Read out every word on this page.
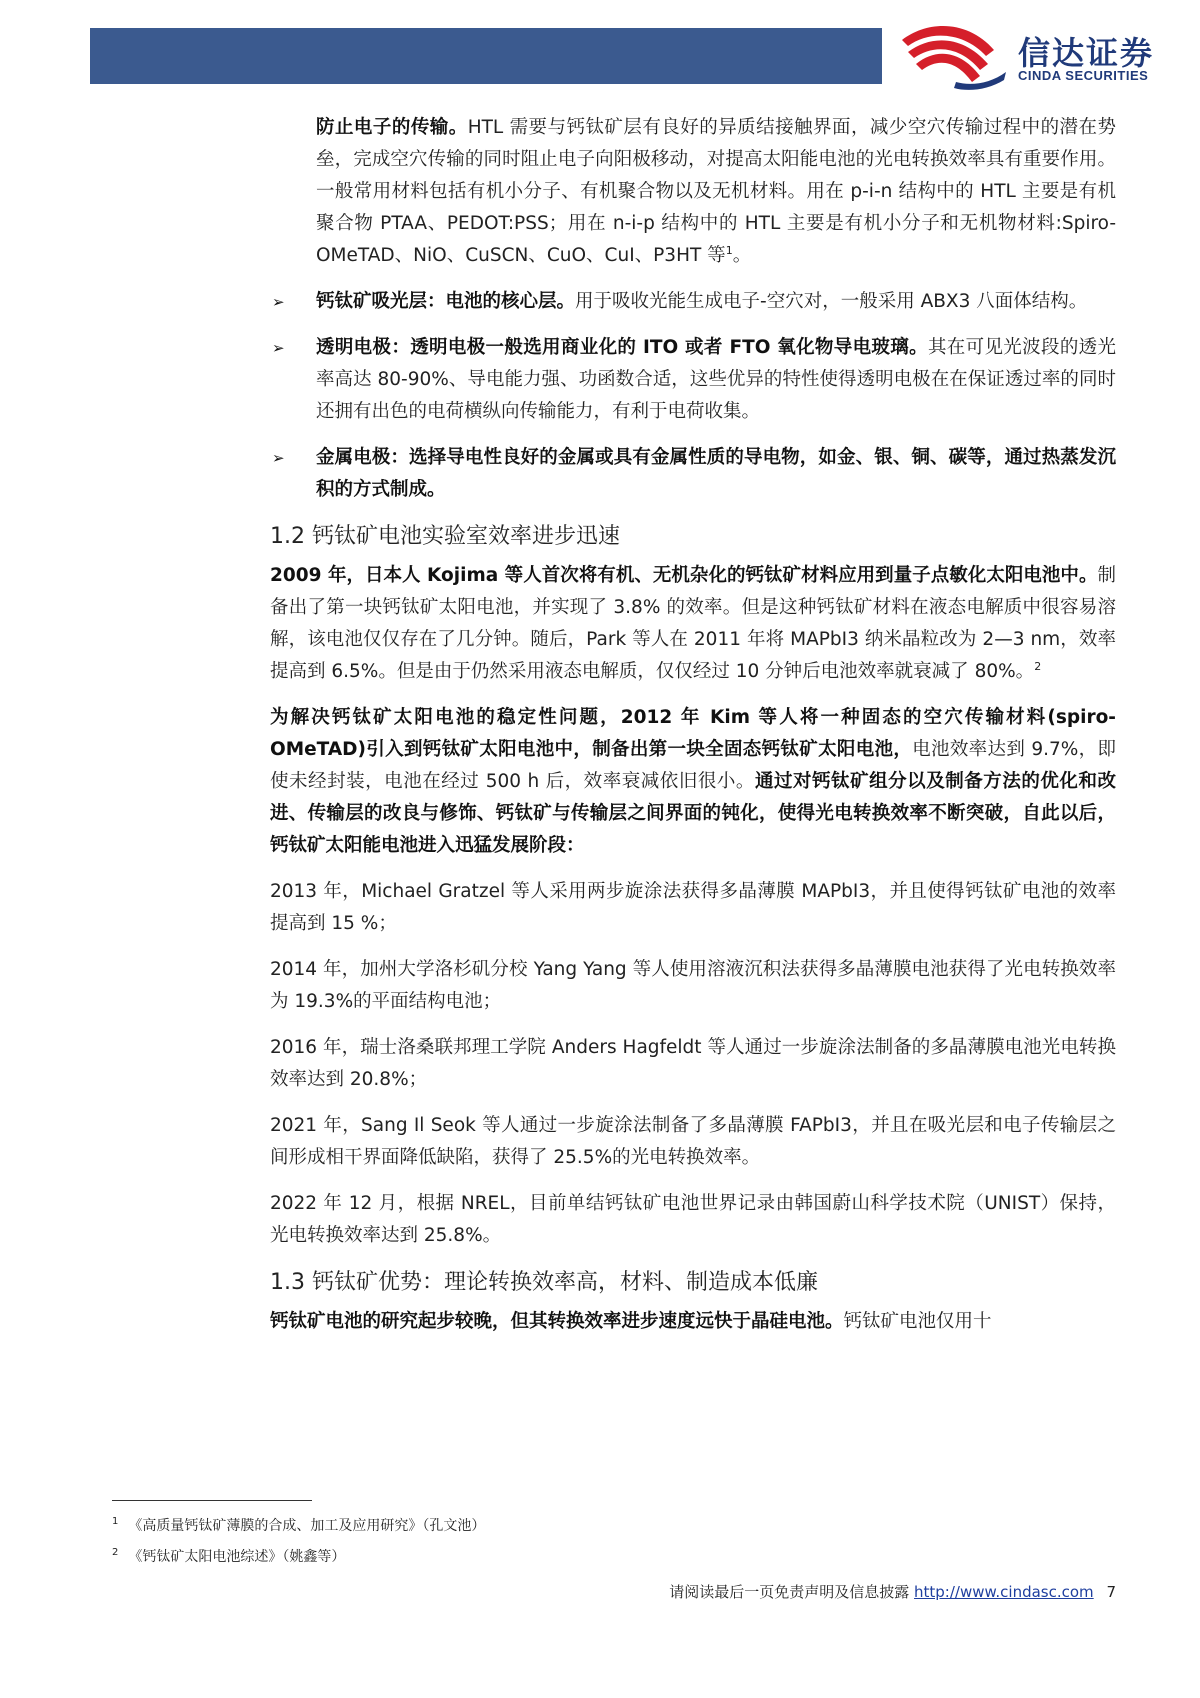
信达证券
CINDA SECURITIES

防止电子的传输。HTL 需要与钙钛矿层有良好的异质结接触界面，减少空穴传输过程中的潜在势垒，完成空穴传输的同时阻止电子向阳极移动，对提高太阳能电池的光电转换效率具有重要作用。一般常用材料包括有机小分子、有机聚合物以及无机材料。用在 p-i-n 结构中的 HTL 主要是有机聚合物 PTAA、PEDOT:PSS；用在 n-i-p 结构中的 HTL 主要是有机小分子和无机物材料:Spiro-OMeTAD、NiO、CuSCN、CuO、CuI、P3HT 等$^1$。

➢ 钙钛矿吸光层：电池的核心层。用于吸收光能生成电子-空穴对，一般采用 ABX3 八面体结构。

➢ 透明电极：透明电极一般选用商业化的 ITO 或者 FTO 氧化物导电玻璃。其在可见光波段的透光率高达 80-90%、导电能力强、功函数合适，这些优异的特性使得透明电极在在保证透过率的同时还拥有出色的电荷横纵向传输能力，有利于电荷收集。

➢ 金属电极：选择导电性良好的金属或具有金属性质的导电物，如金、银、铜、碳等，通过热蒸发沉积的方式制成。

1.2 钙钛矿电池实验室效率进步迅速

2009 年，日本人 Kojima 等人首次将有机、无机杂化的钙钛矿材料应用到量子点敏化太阳电池中。制备出了第一块钙钛矿太阳电池，并实现了 3.8% 的效率。但是这种钙钛矿材料在液态电解质中很容易溶解，该电池仅仅存在了几分钟。随后，Park 等人在 2011 年将 MAPbI3 纳米晶粒改为 2—3 nm，效率提高到 6.5%。但是由于仍然采用液态电解质，仅仅经过 10 分钟后电池效率就衰减了 80%。$^2$

为解决钙钛矿太阳电池的稳定性问题，2012 年 Kim 等人将一种固态的空穴传输材料(spiro-OMeTAD)引入到钙钛矿太阳电池中，制备出第一块全固态钙钛矿太阳电池，电池效率达到 9.7%，即使未经封装，电池在经过 500 h 后，效率衰减依旧很小。通过对钙钛矿组分以及制备方法的优化和改进、传输层的改良与修饰、钙钛矿与传输层之间界面的钝化，使得光电转换效率不断突破，自此以后，钙钛矿太阳能电池进入迅猛发展阶段：

2013 年，Michael Gratzel 等人采用两步旋涂法获得多晶薄膜 MAPbI3，并且使得钙钛矿电池的效率提高到 15 %；

2014 年，加州大学洛杉矶分校 Yang Yang 等人使用溶液沉积法获得多晶薄膜电池获得了光电转换效率为 19.3%的平面结构电池；

2016 年，瑞士洛桑联邦理工学院 Anders Hagfeldt 等人通过一步旋涂法制备的多晶薄膜电池光电转换效率达到 20.8%；

2021 年，Sang Il Seok 等人通过一步旋涂法制备了多晶薄膜 FAPbI3，并且在吸光层和电子传输层之间形成相干界面降低缺陷，获得了 25.5%的光电转换效率。

2022 年 12 月，根据 NREL，目前单结钙钛矿电池世界记录由韩国蔚山科学技术院（UNIST）保持，光电转换效率达到 25.8%。

1.3 钙钛矿优势：理论转换效率高，材料、制造成本低廉

钙钛矿电池的研究起步较晚，但其转换效率进步速度远快于晶硅电池。钙钛矿电池仅用十

$^1$ 《高质量钙钛矿薄膜的合成、加工及应用研究》（孔文池）
$^2$ 《钙钛矿太阳电池综述》（姚鑫等）
请阅读最后一页免责声明及信息披露 http://www.cindasc.com 7
